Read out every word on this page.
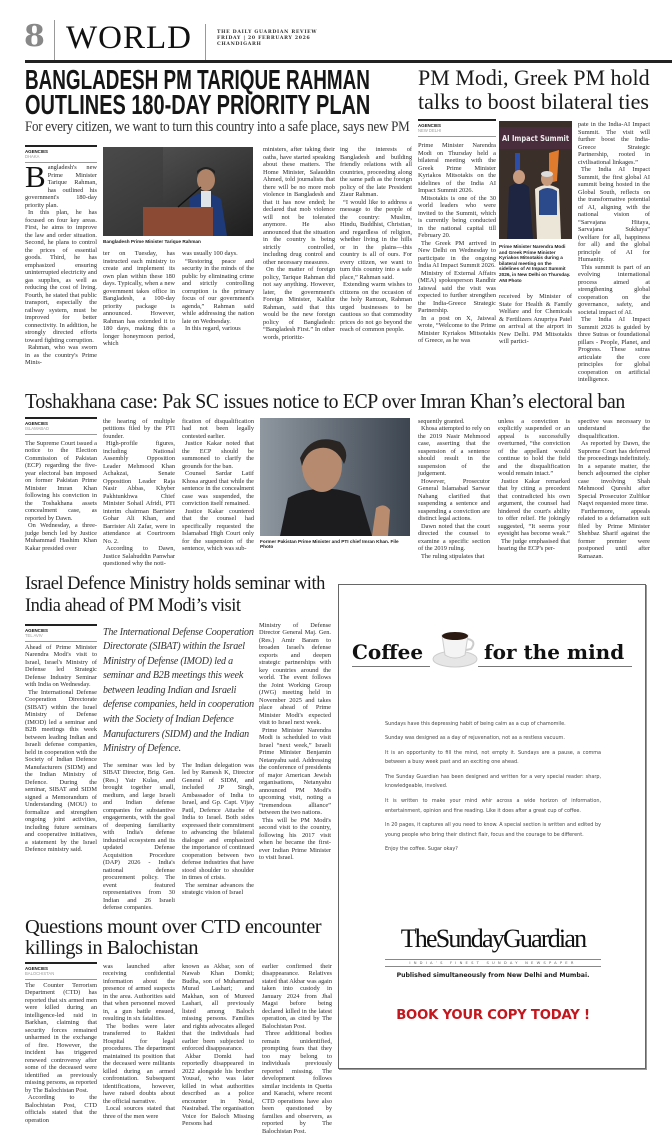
8 WORLD	THE DAILY GUARDIAN REVIEW
FRIDAY | 20 FEBRUARY 2026
CHANDIGARH
BANGLADESH PM TARIQUE RAHMAN
OUTLINES 180-DAY PRIORITY PLAN
For every citizen, we want to turn this country into a safe place, says new PM
AGENCIES
DHAKA

Bangladesh's new Prime Minister Tarique Rahman, has outlined his government's 180-day priority plan.

In this plan, he has focused on four key areas. First, he aims to improve the law and order situation. Second, he plans to control the prices of essential goods. Third, he has emphasized ensuring uninterrupted electricity and gas supplies, as well as reducing the cost of living. Fourth, he stated that public transport, especially the railway system, must be improved for better connectivity. In addition, he strongly directed efforts toward fighting corruption.

Rahman, who was sworn in as the country's Prime Minis-

Bangladesh Prime Minister Tarique Rahman

ter on Tuesday, has instructed each ministry to create and implement its own plan within these 180 days. Typically, when a new government takes office in Bangladesh, a 100-day priority package is announced. However, Rahman has extended it to 180 days, making this a longer honeymoon period, which

was usually 100 days.

“Restoring peace and security in the minds of the public by eliminating crime and strictly controlling corruption is the primary focus of our government's agenda,” Rahman said while addressing the nation late on Wednesday.

In this regard, various

ministers, after taking their oaths, have started speaking about these matters. The Home Minister, Salauddin Ahmed, told journalists that there will be no more mob violence in Bangladesh and that it has now ended; he declared that mob violence will not be tolerated anymore. He also announced that the situation in the country is being strictly controlled, including drug control and other necessary measures.

On the matter of foreign policy, Tarique Rahman did not say anything. However, later, the government's Foreign Minister, Kalilur Rahman, said that this would be the new foreign policy of Bangladesh: “Bangladesh First.” In other words, prioritiz-

ing the interests of Bangladesh and building friendly relations with all countries, proceeding along the same path as the foreign policy of the late President Ziaur Rahman.

“I would like to address a message to the people of the country: Muslim, Hindu, Buddhist, Christian, and regardless of religion, whether living in the hills or in the plains—this country is all of ours. For every citizen, we want to turn this country into a safe place,” Rahman said.

Extending warm wishes to citizens on the occasion of the holy Ramzan, Rahman urged businesses to be cautious so that commodity prices do not go beyond the reach of common people.

PM Modi, Greek PM hold
talks to boost bilateral ties
AGENCIES
NEW DELHI

Prime Minister Narendra Modi on Thursday held a bilateral meeting with the Greek Prime Minister Kyriakos Mitsotakis on the sidelines of the India AI Impact Summit 2026.

Mitsotakis is one of the 30 world leaders who were invited to the Summit, which is currently being conducted in the national capital till February 20.

The Greek PM arrived in New Delhi on Wednesday to participate in the ongoing India AI Impact Summit 2026.

Ministry of External Affairs (MEA) spokesperson Randhir Jaiswal said the visit was expected to further strengthen the India-Greece Strategic Partnership.

In a post on X, Jaiswal wrote, “Welcome to the Prime Minister Kyriakos Mitsotakis of Greece, as he was

AI Impact Summit
Prime Minister Narendra Modi and Greek Prime Minister Kyriakos Mitsotakis during a bilateral meeting on the sidelines of AI Impact Summit 2026, in New Delhi on Thursday. ANI Photo

received by Minister of State for Health & Family Welfare and for Chemicals & Fertilizers Anupriya Patel on arrival at the airport in New Delhi. PM Mitsotakis will partici-

pate in the India-AI Impact Summit. The visit will further boost the India-Greece Strategic Partnership, rooted in civilisational linkages.”

The India AI Impact Summit, the first global AI summit being hosted in the Global South, reflects on the transformative potential of AI, aligning with the national vision of “Sarvajana Hitaya, Sarvajana Sukhaya” (welfare for all, happiness for all) and the global principle of AI for Humanity.

This summit is part of an evolving international process aimed at strengthening global cooperation on the governance, safety, and societal impact of AI.

The India AI Impact Summit 2026 is guided by three Sutras or foundational pillars - People, Planet, and Progress. These sutras articulate the core principles for global cooperation on artificial intelligence.

Toshakhana case: Pak SC issues notice to ECP over Imran Khan’s electoral ban
AGENCIES
ISLAMABAD

The Supreme Court issued a notice to the Election Commission of Pakistan (ECP) regarding the five-year electoral ban imposed on former Pakistan Prime Minister Imran Khan following his conviction in the Toshakhana assets concealment case, as reported by Dawn.

On Wednesday, a three-judge bench led by Justice Muhammad Hashim Khan Kakar presided over

the hearing of multiple petitions filed by the PTI founder.

High-profile figures, including National Assembly Opposition Leader Mehmood Khan Achakzai, Senate Opposition Leader Raja Nasir Abbas, Khyber Pakhtunkhwa Chief Minister Sohail Afridi, PTI interim chairman Barrister Gohar Ali Khan, and Barrister Ali Zafar, were in attendance at Courtroom No. 2.

According to Dawn, Justice Salahuddin Panwhar questioned why the noti-

fication of disqualification had not been legally contested earlier.

Justice Kakar noted that the ECP should be summoned to clarify the grounds for the ban.

Counsel Sardar Latif Khosa argued that while the sentence in the concealment case was suspended, the conviction itself remained.

Justice Kakar countered that the counsel had specifically requested the Islamabad High Court only for the suspension of the sentence, which was sub-

Former Pakistan Prime Minister and PTI chief Imran Khan. File Photo

sequently granted.

Khosa attempted to rely on the 2019 Nasir Mehmood case, asserting that the suspension of a sentence should result in the suspension of the judgement.

However, Prosecutor General Islamabad Sarwar Nahang clarified that suspending a sentence and suspending a conviction are distinct legal actions.

Dawn noted that the court directed the counsel to examine a specific section of the 2019 ruling.

The ruling stipulates that

unless a conviction is explicitly suspended or an appeal is successfully overturned, “the conviction of the appellant would continue to hold the field and the disqualification would remain intact.”

Justice Kakar remarked that by citing a precedent that contradicted his own argument, the counsel had hindered the court's ability to offer relief. He jokingly suggested, “It seems your eyesight has become weak.”

The judge emphasised that hearing the ECP's per-

spective was necessary to understand the disqualification.

As reported by Dawn, the Supreme Court has deferred the proceedings indefinitely. In a separate matter, the bench adjourned the cipher case involving Shah Mehmood Qureshi after Special Prosecutor Zulfikar Naqvi requested more time.

Furthermore, appeals related to a defamation suit filed by Prime Minister Shehbaz Sharif against the former premier were postponed until after Ramazan.

Israel Defence Ministry holds seminar with
India ahead of PM Modi’s visit
AGENCIES
TEL AVIV

Ahead of Prime Minister Narendra Modi's visit to Israel, Israel's Ministry of Defense led Strategic Defense Industry Seminar with India on Wednesday.

The International Defense Cooperation Directorate (SIBAT) within the Israel Ministry of Defense (IMOD) led a seminar and B2B meetings this week between leading Indian and Israeli defense companies, held in cooperation with the Society of Indian Defence Manufacturers (SIDM) and the Indian Ministry of Defence. During the seminar, SIBAT and SIDM signed a Memorandum of Understanding (MOU) to formalize and strengthen ongoing joint activities, including future seminars and cooperative initiatives, a statement by the Israel Defence ministry said.

The International Defense Cooperation Directorate (SIBAT) within the Israel Ministry of Defense (IMOD) led a seminar and B2B meetings this week between leading Indian and Israeli defense companies, held in cooperation with the Society of Indian Defence Manufacturers (SIDM) and the Indian Ministry of Defence.

The seminar was led by SIBAT Director, Brig. Gen. (Res.) Yair Kulas, and brought together small, medium, and large Israeli and Indian defense companies for substantive engagements, with the goal of deepening familiarity with India's defense industrial ecosystem and its updated Defense Acquisition Procedure (DAP) 2026 - India's national defense procurement policy. The event featured representatives from 30 Indian and 26 Israeli defense companies.

The Indian delegation was led by Ramesh K, Director General of SIDM, and included JP Singh, Ambassador of India to Israel, and Gp. Capt. Vijay Patil, Defence Attache of India to Israel. Both sides expressed their commitment to advancing the bilateral dialogue and emphasized the importance of continued cooperation between two defense industries that have stood shoulder to shoulder in times of crisis.

The seminar advances the strategic vision of Israel

Ministry of Defense Director General Maj. Gen. (Res.) Amir Baram to broaden Israel's defense exports and deepen strategic partnerships with key countries around the world. The event follows the Joint Working Group (JWG) meeting held in November 2025 and takes place ahead of Prime Minister Modi's expected visit to Israel next week.

Prime Minister Narendra Modi is scheduled to visit Israel “next week,” Israeli Prime Minister Benjamin Netanyahu said. Addressing the conference of presidents of major American Jewish organisations, Netanyahu announced PM Modi's upcoming visit, noting a “tremendous alliance” between the two nations.

This will be PM Modi's second visit to the country, following his 2017 visit when he became the first-ever Indian Prime Minister to visit Israel.

Questions mount over CTD encounter
killings in Balochistan
AGENCIES
BALOCHISTAN

The Counter Terrorism Department (CTD) has reported that six armed men were killed during an intelligence-led raid in Barkhan, claiming that security forces remained unharmed in the exchange of fire. However, the incident has triggered renewed controversy after some of the deceased were identified as previously missing persons, as reported by The Balochistan Post.

According to the Balochistan Post, CTD officials stated that the operation

was launched after receiving confidential information about the presence of armed suspects in the area. Authorities said that when personnel moved in, a gun battle ensued, resulting in six fatalities.

The bodies were later transferred to Rakhni Hospital for legal procedures. The department maintained its position that the deceased were militants killed during an armed confrontation. Subsequent identifications, however, have raised doubts about the official narrative.

Local sources stated that three of the men were

known as Akbar, son of Nawab Khan Domki; Budha, son of Muhammad Murad Lashari; and Makhan, son of Mureed Lashari, all previously listed among Baloch missing persons. Families and rights advocates alleged that the individuals had earlier been subjected to enforced disappearance.

Akbar Domki had reportedly disappeared in 2022 alongside his brother Yousaf, who was later killed in what authorities described as a police encounter in Notal, Nasirabad. The organisation Voice for Baloch Missing Persons had

earlier confirmed their disappearance. Relatives stated that Akbar was again taken into custody in January 2024 from Jhal Magsi before being declared killed in the latest operation, as cited by The Balochistan Post.

Three additional bodies remain unidentified, prompting fears that they too may belong to individuals previously reported missing. The development follows similar incidents in Quetta and Karachi, where recent CTD operations have also been questioned by families and observers, as reported by The Balochistan Post.

Coffee	for the mind

Sundays have this depressing habit of being calm as a cup of chamomile.

Sunday was designed as a day of rejuvenation, not as a restless vacuum.

It is an opportunity to fill the mind, not empty it. Sundays are a pause, a comma between a busy week past and an exciting one ahead.

The Sunday Guardian has been designed and written for a very special reader: sharp, knowledgeable, involved.

It is written to make your mind whir across a wide horizon of information, entertainment, opinion and fine reading. Like it does after a great cup of coffee.

In 20 pages, it captures all you need to know. A special section is written and edited by young people who bring their distinct flair, focus and the courage to be different.

Enjoy the coffee. Sugar okay?

TheSundayGuardian
INDIA’S FINEST SUNDAY NEWSPAPER
Published simultaneously from New Delhi and Mumbai.
BOOK YOUR COPY TODAY !
